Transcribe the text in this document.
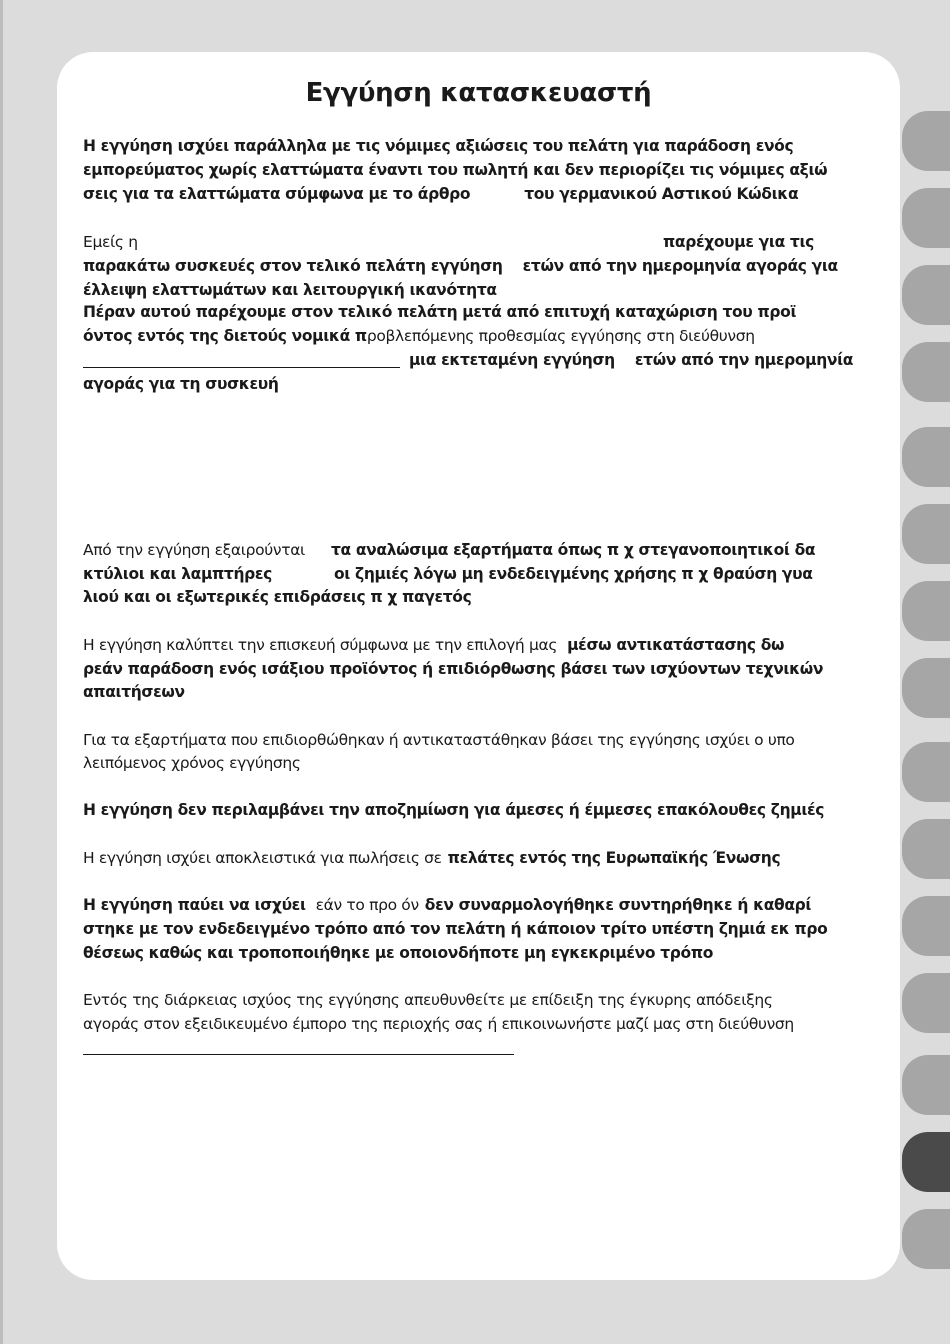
Εγγύηση κατασκευαστή
Η εγγύηση ισχύει παράλληλα με τις νόμιμες αξιώσεις του πελάτη για παράδοση ενός
εμπορεύματος χωρίς ελαττώματα έναντι του πωλητή και δεν περιορίζει τις νόμιμες αξιώ
σεις για τα ελαττώματα σύμφωνα με το άρθρο	του γερμανικού Αστικού Κώδικα
Εμείς η	παρέχουμε για τις
παρακάτω συσκευές στον τελικό πελάτη εγγύηση ετών από την ημερομηνία αγοράς για
έλλειψη ελαττωμάτων και λειτουργική ικανότητα
Πέραν αυτού παρέχουμε στον τελικό πελάτη μετά από επιτυχή καταχώριση του προϊ
όντος εντός της διετούς νομικά προβλεπόμενης προθεσμίας εγγύησης στη διεύθυνση
μια εκτεταμένη εγγύηση ετών από την ημερομηνία
αγοράς για τη συσκευή
Από την εγγύηση εξαιρούνται τα αναλώσιμα εξαρτήματα όπως π χ στεγανοποιητικοί δα
κτύλιοι και λαμπτήρες	οι ζημιές λόγω μη ενδεδειγμένης χρήσης π χ θραύση γυα
λιού και οι εξωτερικές επιδράσεις π χ παγετός
Η εγγύηση καλύπτει την επισκευή σύμφωνα με την επιλογή μας μέσω αντικατάστασης δω
ρεάν παράδοση ενός ισάξιου προϊόντος ή επιδιόρθωσης βάσει των ισχύοντων τεχνικών
απαιτήσεων
Για τα εξαρτήματα που επιδιορθώθηκαν ή αντικαταστάθηκαν βάσει της εγγύησης ισχύει ο υπο
λειπόμενος χρόνος εγγύησης
Η εγγύηση δεν περιλαμβάνει την αποζημίωση για άμεσες ή έμμεσες επακόλουθες ζημιές
Η εγγύηση ισχύει αποκλειστικά για πωλήσεις σε πελάτες εντός της Ευρωπαϊκής Ένωσης
Η εγγύηση παύει να ισχύει εάν το προ όν δεν συναρμολογήθηκε συντηρήθηκε ή καθαρί
στηκε με τον ενδεδειγμένο τρόπο από τον πελάτη ή κάποιον τρίτο υπέστη ζημιά εκ προ
θέσεως καθώς και τροποποιήθηκε με οποιονδήποτε μη εγκεκριμένο τρόπο
Εντός της διάρκειας ισχύος της εγγύησης απευθυνθείτε με επίδειξη της έγκυρης απόδειξης
αγοράς στον εξειδικευμένο έμπορο της περιοχής σας ή επικοινωνήστε μαζί μας στη διεύθυνση
